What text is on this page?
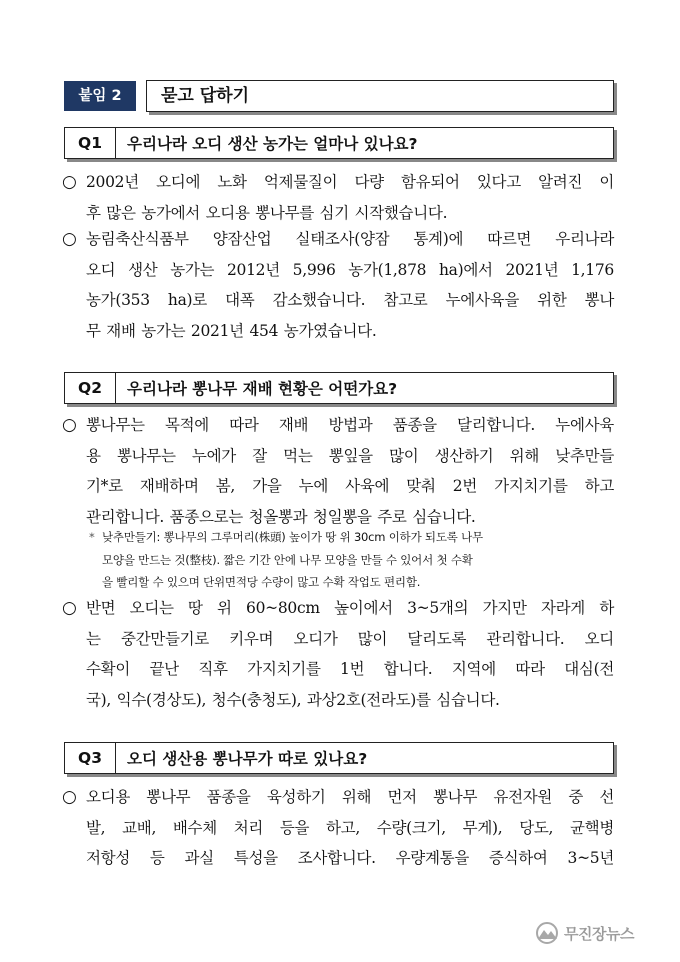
붙임 2	묻고 답하기
Q1	우리나라 오디 생산 농가는 얼마나 있나요?
○ 2002년 오디에 노화 억제물질이 다량 함유되어 있다고 알려진 이
후 많은 농가에서 오디용 뽕나무를 심기 시작했습니다.
○ 농림축산식품부 양잠산업 실태조사(양잠 통계)에 따르면 우리나라
오디 생산 농가는 2012년 5,996 농가(1,878 ha)에서 2021년 1,176
농가(353 ha)로 대폭 감소했습니다. 참고로 누에사육을 위한 뽕나
무 재배 농가는 2021년 454 농가였습니다.
Q2	우리나라 뽕나무 재배 현황은 어떤가요?
○ 뽕나무는 목적에 따라 재배 방법과 품종을 달리합니다. 누에사육
용 뽕나무는 누에가 잘 먹는 뽕잎을 많이 생산하기 위해 낮추만들
기*로 재배하며 봄, 가을 누에 사육에 맞춰 2번 가지치기를 하고
관리합니다. 품종으로는 청올뽕과 청일뽕을 주로 심습니다.
* 낮추만들기: 뽕나무의 그루머리(株頭) 높이가 땅 위 30cm 이하가 되도록 나무
모양을 만드는 것(整枝). 짧은 기간 안에 나무 모양을 만들 수 있어서 첫 수확
을 빨리할 수 있으며 단위면적당 수량이 많고 수확 작업도 편리함.
○ 반면 오디는 땅 위 60~80cm 높이에서 3~5개의 가지만 자라게 하
는 중간만들기로 키우며 오디가 많이 달리도록 관리합니다. 오디
수확이 끝난 직후 가지치기를 1번 합니다. 지역에 따라 대심(전
국), 익수(경상도), 청수(충청도), 과상2호(전라도)를 심습니다.
Q3	오디 생산용 뽕나무가 따로 있나요?
○ 오디용 뽕나무 품종을 육성하기 위해 먼저 뽕나무 유전자원 중 선
발, 교배, 배수체 처리 등을 하고, 수량(크기, 무게), 당도, 균핵병
저항성 등 과실 특성을 조사합니다. 우량계통을 증식하여 3~5년
무진장뉴스
